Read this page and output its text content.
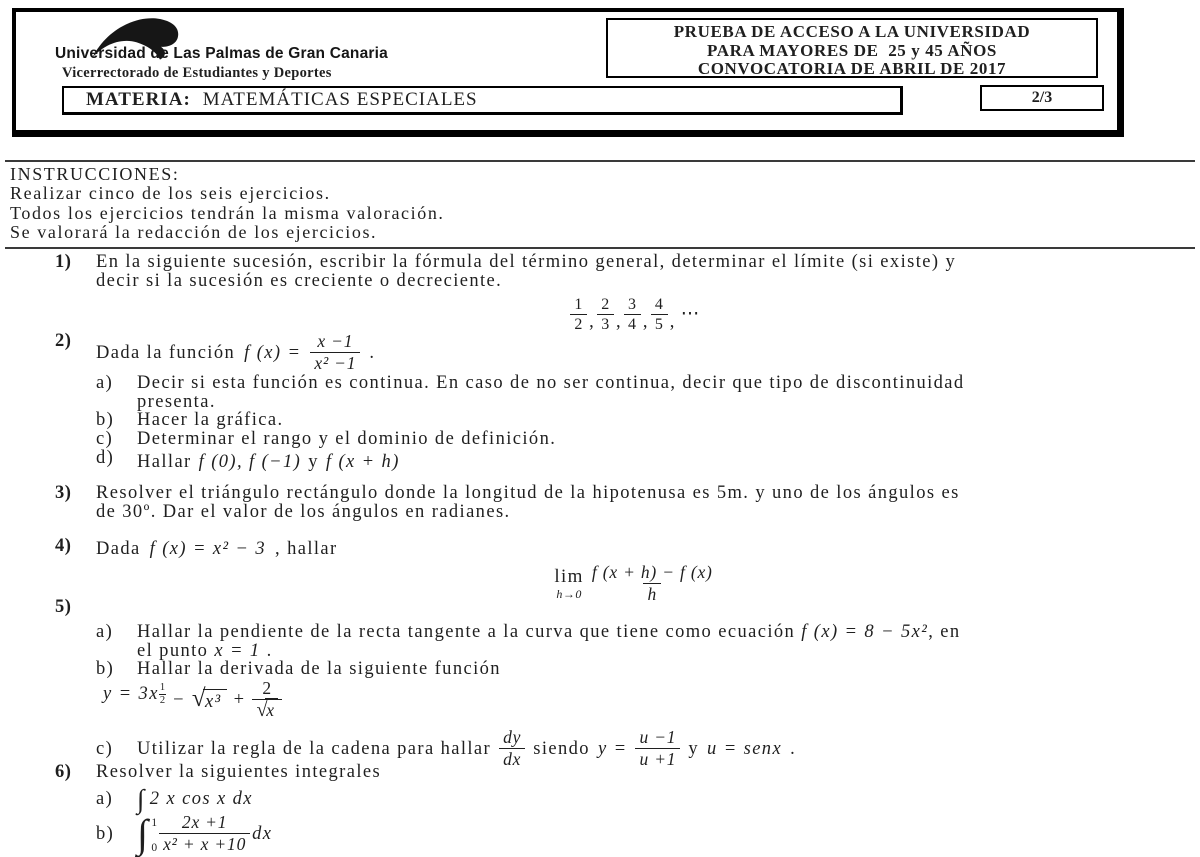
Universidad de Las Palmas de Gran Canaria
Vicerrectorado de Estudiantes y Deportes
PRUEBA DE ACCESO A LA UNIVERSIDAD
PARA MAYORES DE  25 y 45 AÑOS
CONVOCATORIA DE ABRIL DE 2017
MATERIA: MATEMÁTICAS ESPECIALES	2/3
INSTRUCCIONES:
Realizar cinco de los seis ejercicios.
Todos los ejercicios tendrán la misma valoración.
Se valorará la redacción de los ejercicios.
1)	En la siguiente sucesión, escribir la fórmula del término general, determinar el límite (si existe) y
decir si la sucesión es creciente o decreciente.
$\frac{1}{2}$ , $\frac{2}{3}$ , $\frac{3}{4}$ , $\frac{4}{5}$ , ⋯
2)
Dada la función f $(x) = \frac{x -1}{\text{x² −1}}$ .
a)	Decir si esta función es continua. En caso de no ser continua, decir que tipo de discontinuidad
presenta.
b)	Hacer la gráfica.
c)	Determinar el rango y el dominio de definición.
d)	Hallar f (0), f (−1) y f (x + h)
3)	Resolver el triángulo rectángulo donde la longitud de la hipotenusa es 5m. y uno de los ángulos es
de 30º. Dar el valor de los ángulos en radianes.
4)	Dada f (x) = x² − 3 , hallar
lim
$h\to 0 \frac{f (x + h) - f (x)}{h}$
5)
a)	Hallar la pendiente de la recta tangente a la curva que tiene como ecuación f (x) = 8 − 5x², en
el punto x = 1 .
b)	Hallar la derivada de la siguiente función
$y = 3x \frac{1}{2}$ − √
$x^3 + \frac{2}{√x}$
c)	Utilizar la regla de la cadena para hallar $\frac{dy}{dx}$ siendo $y = \frac{u -1}{u +1}$ y u = senx .
6)	Resolver la siguientes integrales
a) ∫ 2 x cos x dx
b) ∫ 1
$0 \frac{2x +1}{\text{x² + x +10}}$ dx
